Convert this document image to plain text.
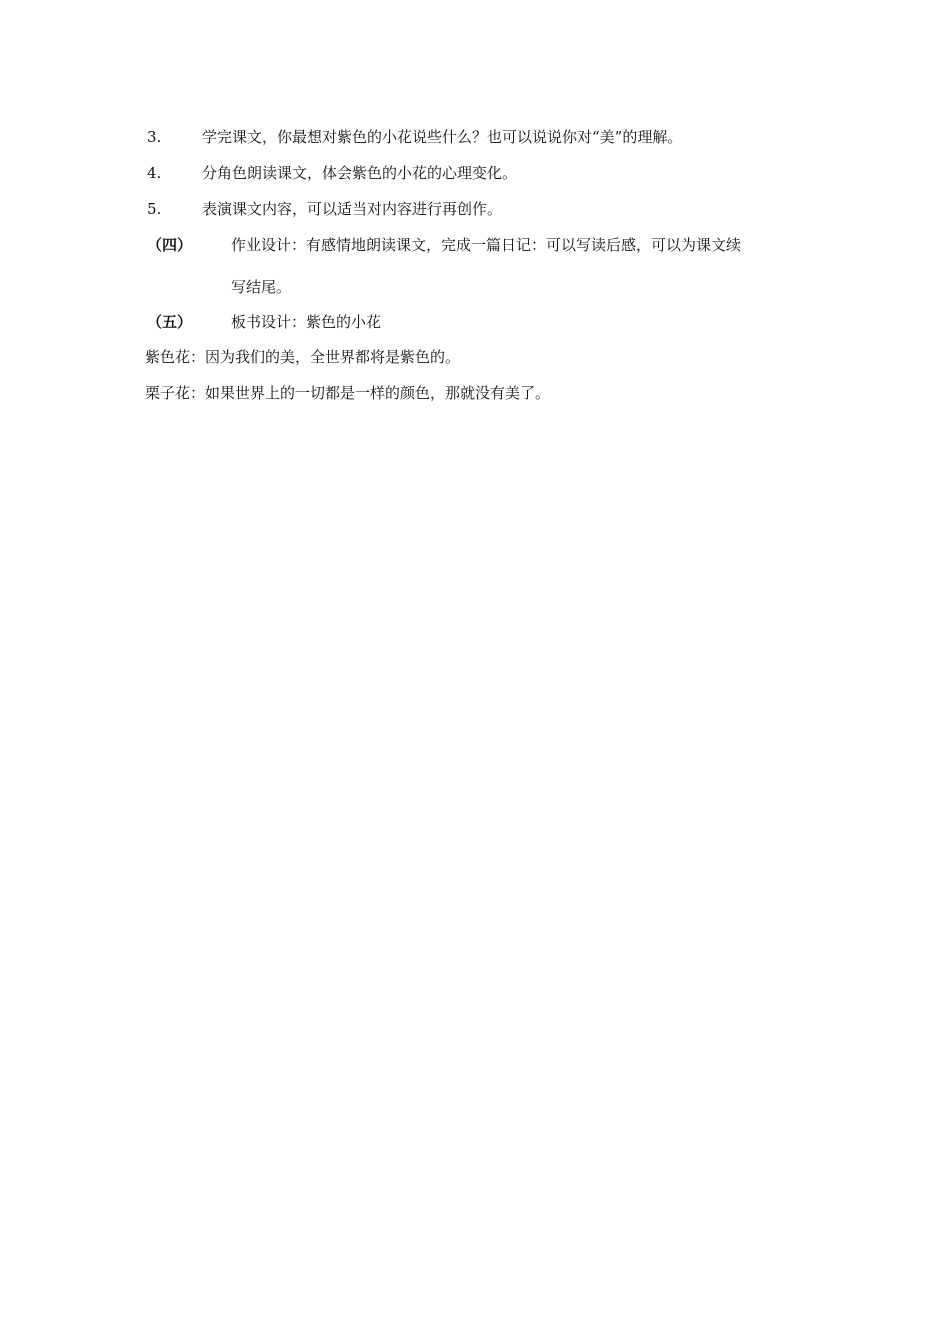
3.	学完课文，你最想对紫色的小花说些什么？也可以说说你对“美”的理解。
4.	分角色朗读课文，体会紫色的小花的心理变化。
5.	表演课文内容，可以适当对内容进行再创作。
（四）	作业设计：有感情地朗读课文，完成一篇日记：可以写读后感，可以为课文续
写结尾。
（五）	板书设计：紫色的小花
紫色花：因为我们的美，全世界都将是紫色的。
栗子花：如果世界上的一切都是一样的颜色，那就没有美了。
